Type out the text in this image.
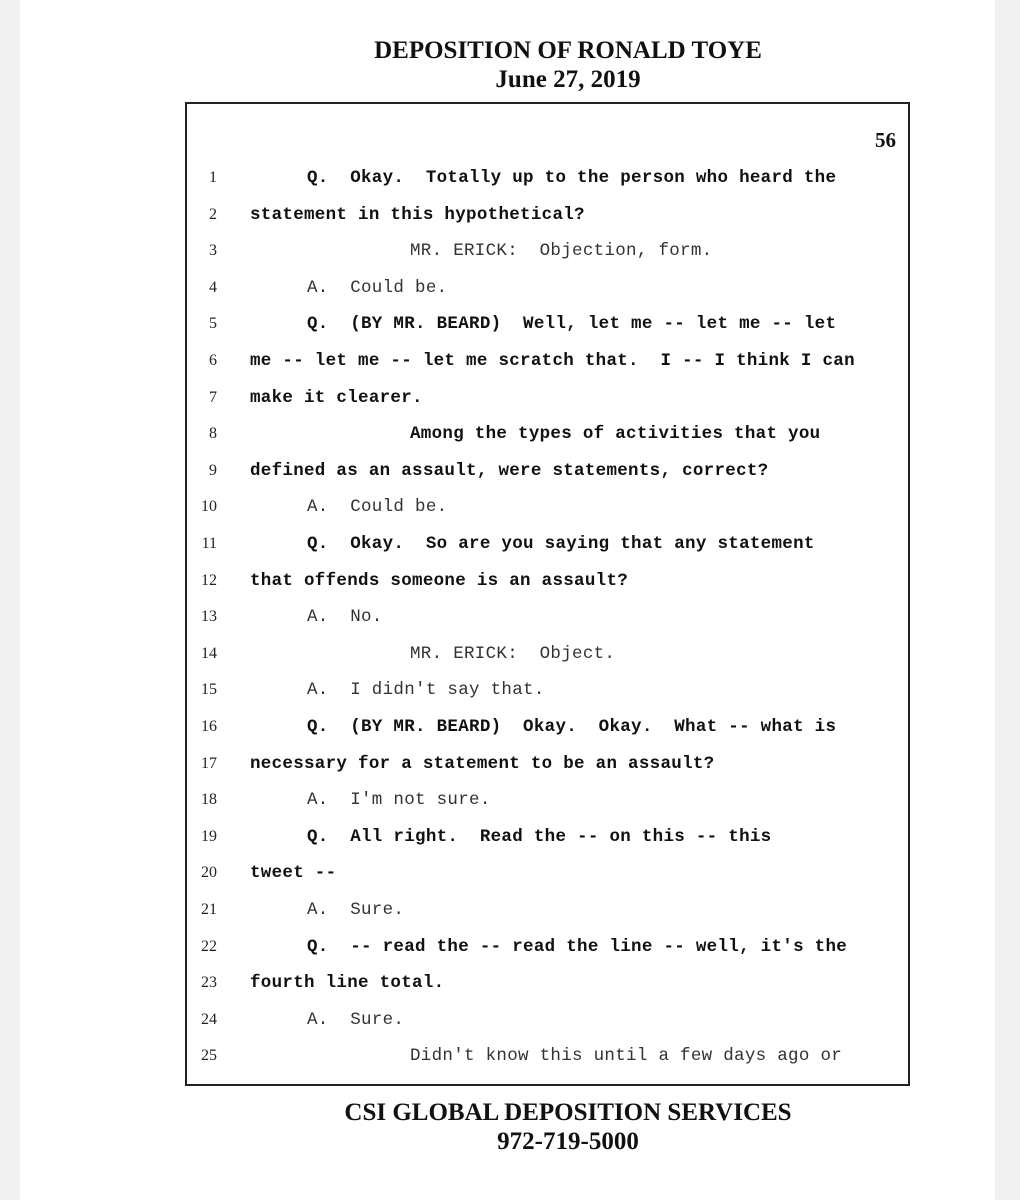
DEPOSITION OF RONALD TOYE
June 27, 2019
56
1	Q.  Okay.  Totally up to the person who heard the
2 statement in this hypothetical?
3	MR. ERICK:  Objection, form.
4	A.  Could be.
5	Q.  (BY MR. BEARD)  Well, let me -- let me -- let
6 me -- let me -- let me scratch that.  I -- I think I can
7 make it clearer.
8	Among the types of activities that you
9 defined as an assault, were statements, correct?
10	A.  Could be.
11	Q.  Okay.  So are you saying that any statement
12 that offends someone is an assault?
13	A.  No.
14	MR. ERICK:  Object.
15	A.  I didn't say that.
16	Q.  (BY MR. BEARD)  Okay.  Okay.  What -- what is
17 necessary for a statement to be an assault?
18	A.  I'm not sure.
19	Q.  All right.  Read the -- on this -- this
20 tweet --
21	A.  Sure.
22	Q.  -- read the -- read the line -- well, it's the
23 fourth line total.
24	A.  Sure.
25	Didn't know this until a few days ago or
CSI GLOBAL DEPOSITION SERVICES
972-719-5000
